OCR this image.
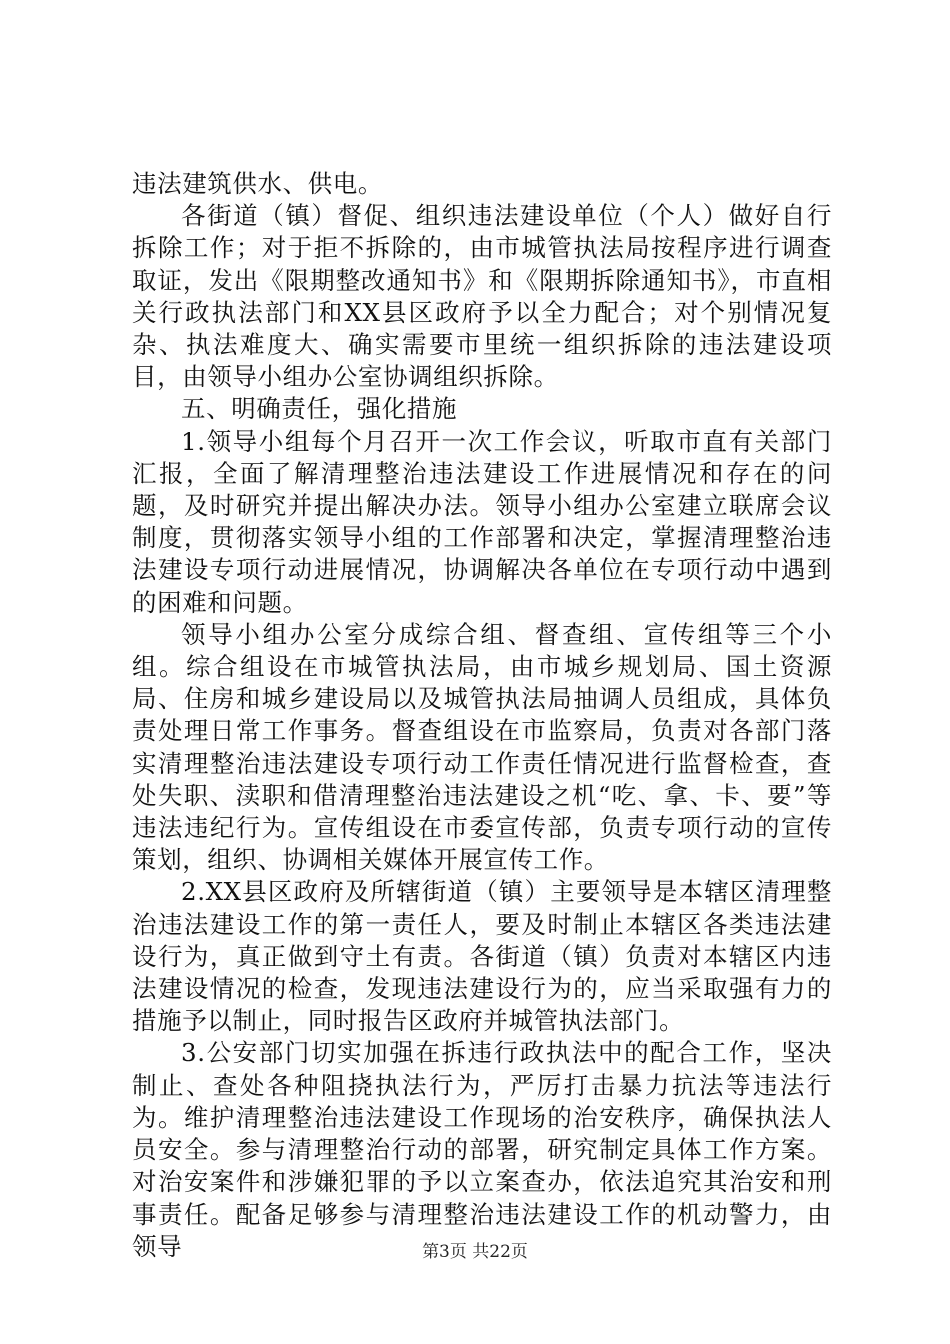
违法建筑供水、供电。

各街道（镇）督促、组织违法建设单位（个人）做好自行拆除工作；对于拒不拆除的，由市城管执法局按程序进行调查取证，发出《限期整改通知书》和《限期拆除通知书》，市直相关行政执法部门和XX县区政府予以全力配合；对个别情况复杂、执法难度大、确实需要市里统一组织拆除的违法建设项目，由领导小组办公室协调组织拆除。

五、明确责任，强化措施

1.领导小组每个月召开一次工作会议，听取市直有关部门汇报，全面了解清理整治违法建设工作进展情况和存在的问题，及时研究并提出解决办法。领导小组办公室建立联席会议制度，贯彻落实领导小组的工作部署和决定，掌握清理整治违法建设专项行动进展情况，协调解决各单位在专项行动中遇到的困难和问题。

领导小组办公室分成综合组、督查组、宣传组等三个小组。综合组设在市城管执法局，由市城乡规划局、国土资源局、住房和城乡建设局以及城管执法局抽调人员组成，具体负责处理日常工作事务。督查组设在市监察局，负责对各部门落实清理整治违法建设专项行动工作责任情况进行监督检查，查处失职、渎职和借清理整治违法建设之机“吃、拿、卡、要”等违法违纪行为。宣传组设在市委宣传部，负责专项行动的宣传策划，组织、协调相关媒体开展宣传工作。

2.XX县区政府及所辖街道（镇）主要领导是本辖区清理整治违法建设工作的第一责任人，要及时制止本辖区各类违法建设行为，真正做到守土有责。各街道（镇）负责对本辖区内违法建设情况的检查，发现违法建设行为的，应当采取强有力的措施予以制止，同时报告区政府并城管执法部门。

3.公安部门切实加强在拆违行政执法中的配合工作，坚决制止、查处各种阻挠执法行为，严厉打击暴力抗法等违法行为。维护清理整治违法建设工作现场的治安秩序，确保执法人员安全。参与清理整治行动的部署，研究制定具体工作方案。对治安案件和涉嫌犯罪的予以立案查办，依法追究其治安和刑事责任。配备足够参与清理整治违法建设工作的机动警力，由领导	第3页 共22页
